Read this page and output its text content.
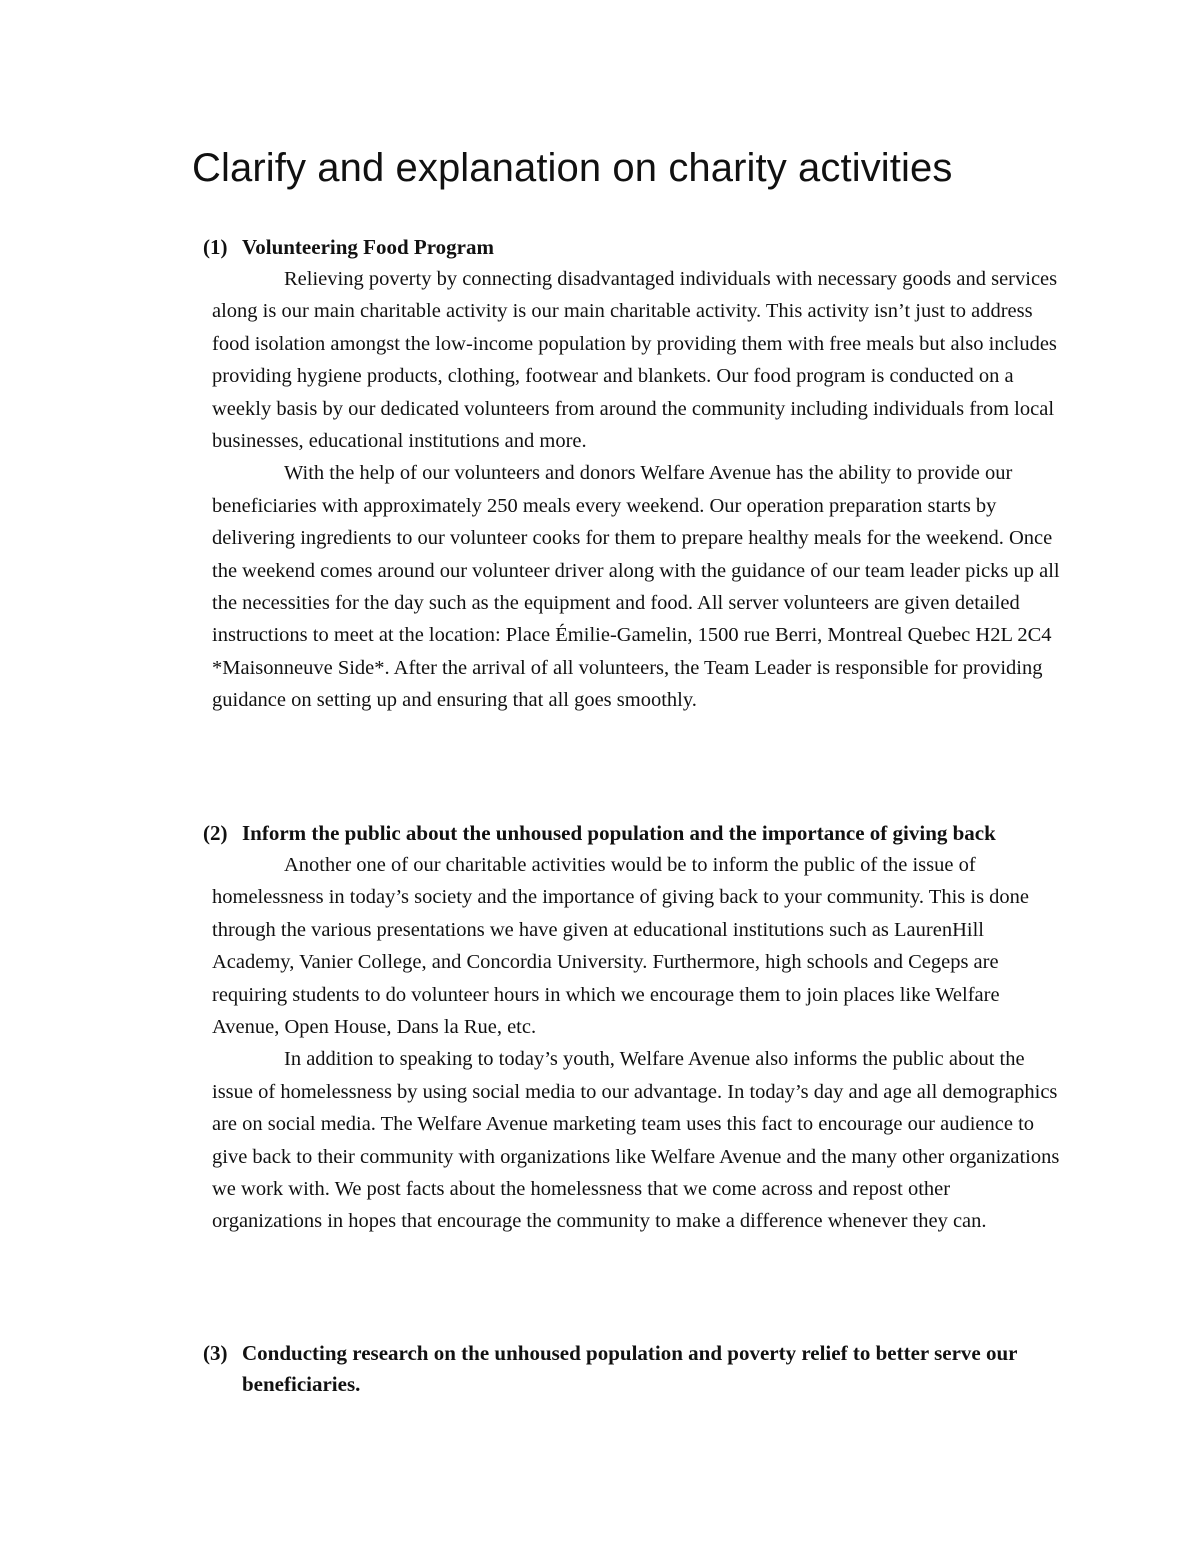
Clarify and explanation on charity activities
(1) Volunteering Food Program

Relieving poverty by connecting disadvantaged individuals with necessary goods and services along is our main charitable activity is our main charitable activity. This activity isn’t just to address food isolation amongst the low-income population by providing them with free meals but also includes providing hygiene products, clothing, footwear and blankets. Our food program is conducted on a weekly basis by our dedicated volunteers from around the community including individuals from local businesses, educational institutions and more.

With the help of our volunteers and donors Welfare Avenue has the ability to provide our beneficiaries with approximately 250 meals every weekend. Our operation preparation starts by delivering ingredients to our volunteer cooks for them to prepare healthy meals for the weekend. Once the weekend comes around our volunteer driver along with the guidance of our team leader picks up all the necessities for the day such as the equipment and food. All server volunteers are given detailed instructions to meet at the location: Place Émilie-Gamelin, 1500 rue Berri, Montreal Quebec H2L 2C4 *Maisonneuve Side*. After the arrival of all volunteers, the Team Leader is responsible for providing guidance on setting up and ensuring that all goes smoothly.

(2) Inform the public about the unhoused population and the importance of giving back

Another one of our charitable activities would be to inform the public of the issue of homelessness in today’s society and the importance of giving back to your community. This is done through the various presentations we have given at educational institutions such as LaurenHill Academy, Vanier College, and Concordia University. Furthermore, high schools and Cegeps are requiring students to do volunteer hours in which we encourage them to join places like Welfare Avenue, Open House, Dans la Rue, etc.

In addition to speaking to today’s youth, Welfare Avenue also informs the public about the issue of homelessness by using social media to our advantage. In today’s day and age all demographics are on social media. The Welfare Avenue marketing team uses this fact to encourage our audience to give back to their community with organizations like Welfare Avenue and the many other organizations we work with. We post facts about the homelessness that we come across and repost other organizations in hopes that encourage the community to make a difference whenever they can.

(3) Conducting research on the unhoused population and poverty relief to better serve our beneficiaries.
